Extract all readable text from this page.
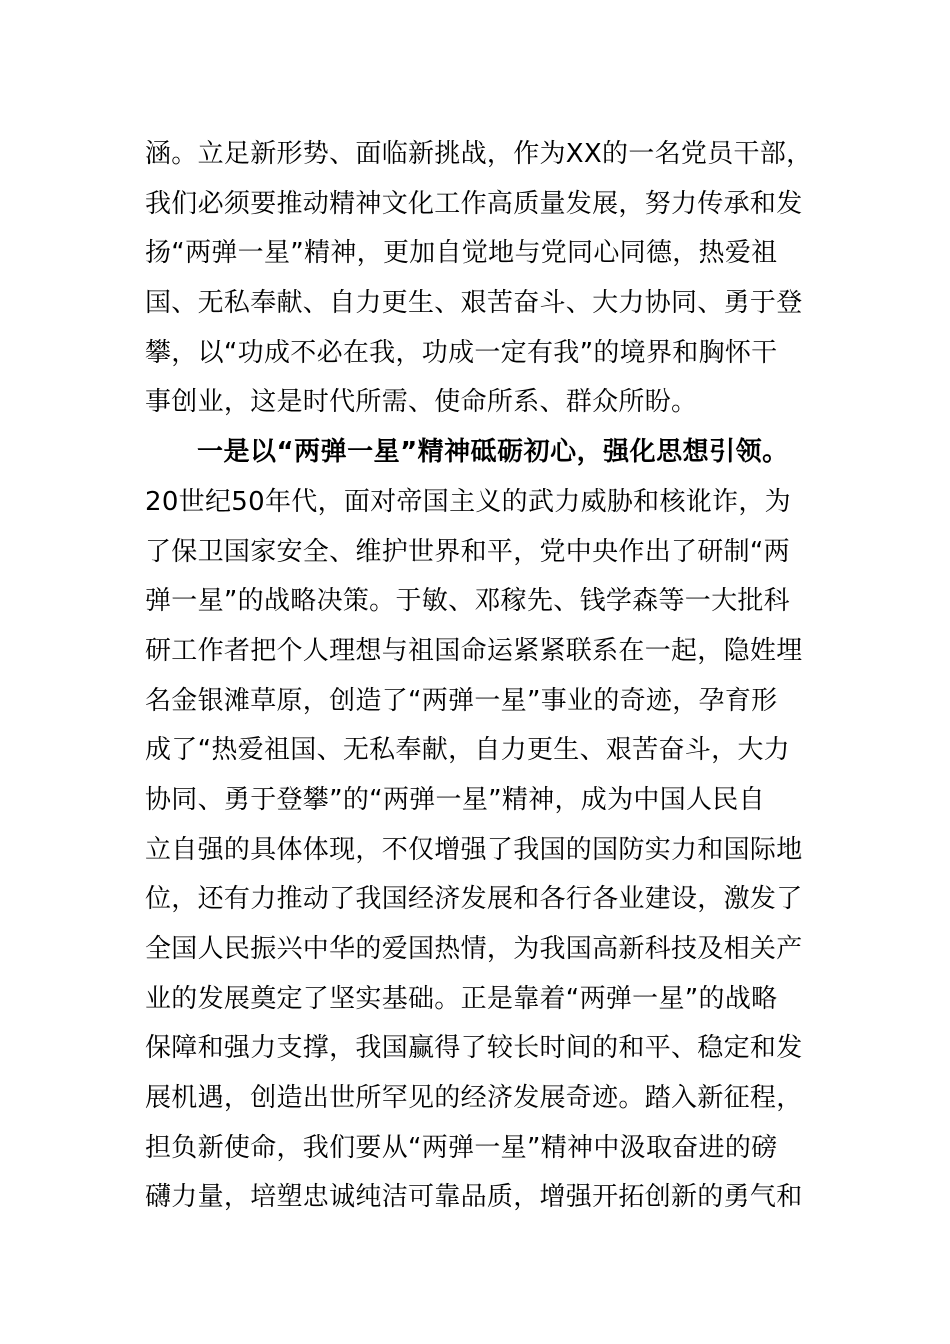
涵。立足新形势、面临新挑战，作为XX的一名党员干部，
我们必须要推动精神文化工作高质量发展，努力传承和发
扬“两弹一星”精神，更加自觉地与党同心同德，热爱祖
国、无私奉献、自力更生、艰苦奋斗、大力协同、勇于登
攀，以“功成不必在我，功成一定有我”的境界和胸怀干
事创业，这是时代所需、使命所系、群众所盼。
一是以“两弹一星”精神砥砺初心，强化思想引领。
20世纪50年代，面对帝国主义的武力威胁和核讹诈，为
了保卫国家安全、维护世界和平，党中央作出了研制“两
弹一星”的战略决策。于敏、邓稼先、钱学森等一大批科
研工作者把个人理想与祖国命运紧紧联系在一起，隐姓埋
名金银滩草原，创造了“两弹一星”事业的奇迹，孕育形
成了“热爱祖国、无私奉献，自力更生、艰苦奋斗，大力
协同、勇于登攀”的“两弹一星”精神，成为中国人民自
立自强的具体体现，不仅增强了我国的国防实力和国际地
位，还有力推动了我国经济发展和各行各业建设，激发了
全国人民振兴中华的爱国热情，为我国高新科技及相关产
业的发展奠定了坚实基础。正是靠着“两弹一星”的战略
保障和强力支撑，我国赢得了较长时间的和平、稳定和发
展机遇，创造出世所罕见的经济发展奇迹。踏入新征程，
担负新使命，我们要从“两弹一星”精神中汲取奋进的磅
礴力量，培塑忠诚纯洁可靠品质，增强开拓创新的勇气和
